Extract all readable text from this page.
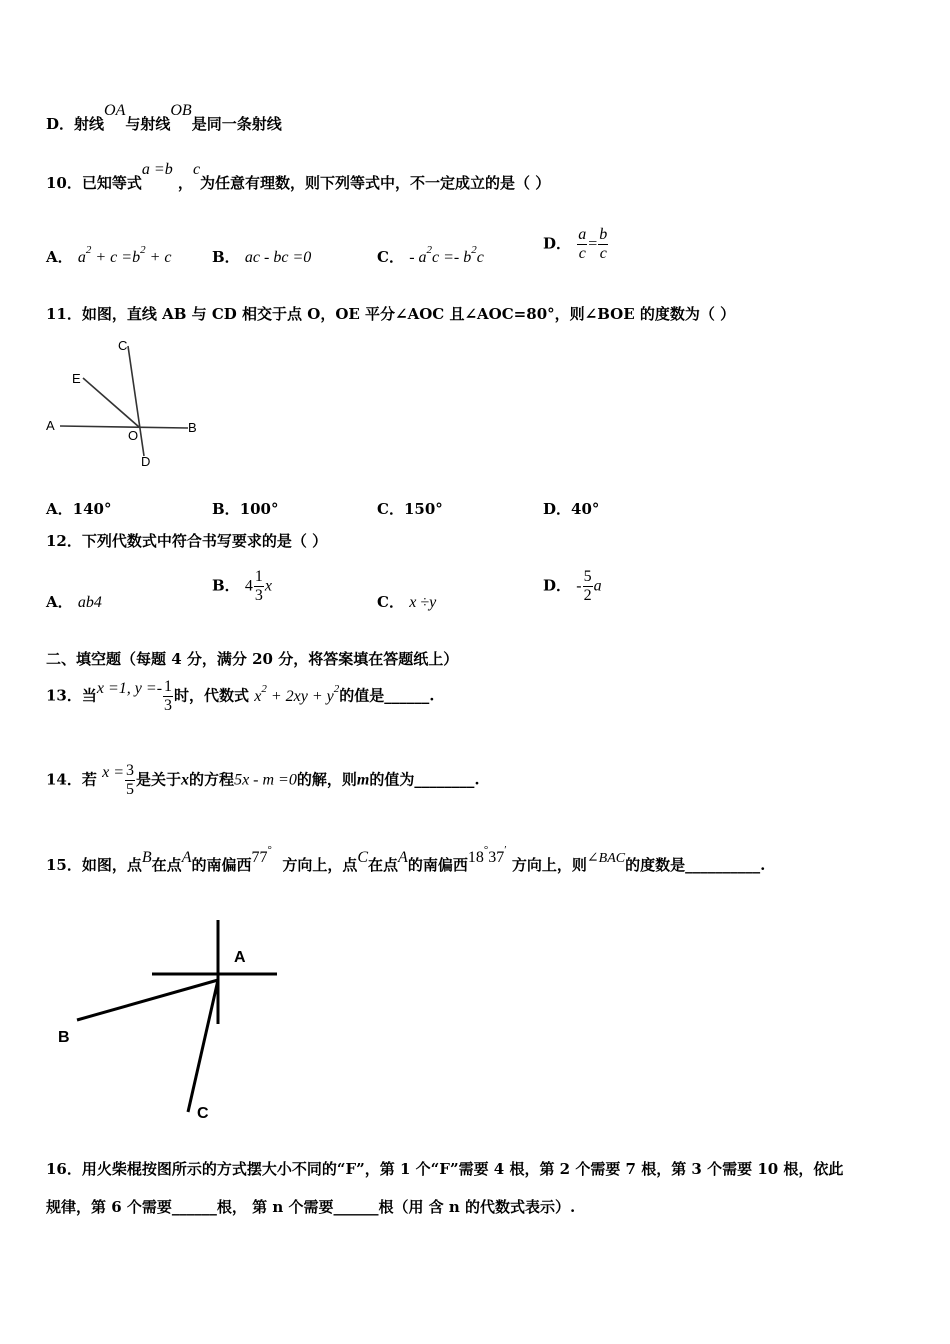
D．射线OA与射线OB是同一条射线
10．已知等式a =b ，c为任意有理数，则下列等式中，不一定成立的是（ ）
A． $a^2 + c =b^2 + c$	B． ac - bc =0	C． - $a^2c =- b^2c$
D． $\frac{a}{c} = \frac{b}{c}$
11．如图，直线 AB 与 CD 相交于点 O，OE 平分∠AOC 且∠AOC=80°，则∠BOE 的度数为（ ）
A	B
C
D
E
O
A．140°	B．100°	C．150°	D．40°
12．下列代数式中符合书写要求的是（ ）
A． ab4
B． $4 \frac{1}{3}$ x
C． x ÷y
D． - $\frac{5}{2}$ a
二、填空题（每题 4 分，满分 20 分，将答案填在答题纸上）
13．当x =1, $y =- \frac{1}{3}$ 时，代数式 $x^2 + 2xy + y^2$的值是______.
14．若 $x = \frac{3}{5}$ 是关于x的方程5x - m =0的解，则m的值为________.
15．如图，点B在点A的南偏西77°  方向上，点C在点A的南偏西18°37′ 方向上，则∠BAC的度数是__________.
A
B
C
16．用火柴棍按图所示的方式摆大小不同的“F”，第 1 个“F”需要 4 根，第 2 个需要 7 根，第 3 个需要 10 根，依此
规律，第 6 个需要______根， 第 n 个需要______根（用 含 n 的代数式表示）.
